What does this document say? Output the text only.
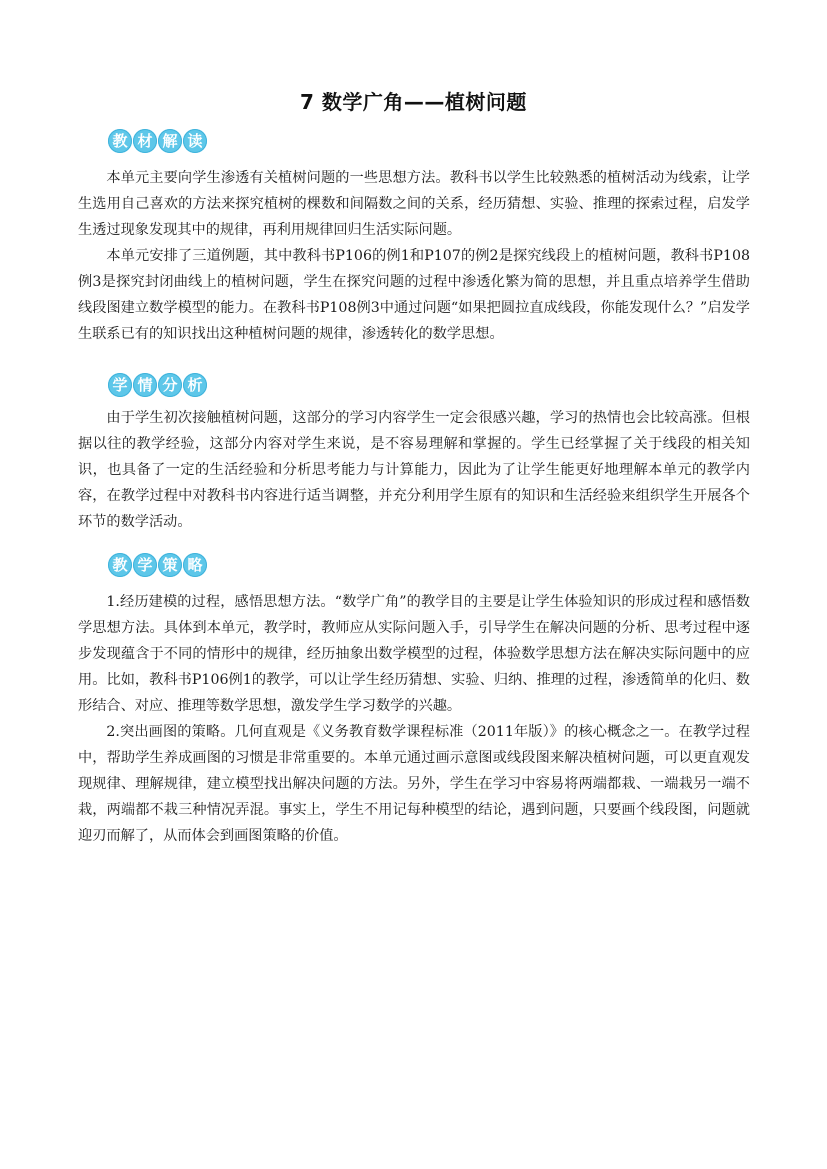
7 数学广角——植树问题
教 材 解 读

本单元主要向学生渗透有关植树问题的一些思想方法。教科书以学生比较熟悉的植树活动为线索，让学生选用自己喜欢的方法来探究植树的棵数和间隔数之间的关系，经历猜想、实验、推理的探索过程，启发学生透过现象发现其中的规律，再利用规律回归生活实际问题。

本单元安排了三道例题，其中教科书P106的例1和P107的例2是探究线段上的植树问题，教科书P108例3是探究封闭曲线上的植树问题，学生在探究问题的过程中渗透化繁为简的思想，并且重点培养学生借助线段图建立数学模型的能力。在教科书P108例3中通过问题“如果把圆拉直成线段，你能发现什么？”启发学生联系已有的知识找出这种植树问题的规律，渗透转化的数学思想。

学 情 分 析

由于学生初次接触植树问题，这部分的学习内容学生一定会很感兴趣，学习的热情也会比较高涨。但根据以往的教学经验，这部分内容对学生来说，是不容易理解和掌握的。学生已经掌握了关于线段的相关知识，也具备了一定的生活经验和分析思考能力与计算能力，因此为了让学生能更好地理解本单元的教学内容，在教学过程中对教科书内容进行适当调整，并充分利用学生原有的知识和生活经验来组织学生开展各个环节的数学活动。

教 学 策 略

1.经历建模的过程，感悟思想方法。“数学广角”的教学目的主要是让学生体验知识的形成过程和感悟数学思想方法。具体到本单元，教学时，教师应从实际问题入手，引导学生在解决问题的分析、思考过程中逐步发现蕴含于不同的情形中的规律，经历抽象出数学模型的过程，体验数学思想方法在解决实际问题中的应用。比如，教科书P106例1的教学，可以让学生经历猜想、实验、归纳、推理的过程，渗透简单的化归、数形结合、对应、推理等数学思想，激发学生学习数学的兴趣。

2.突出画图的策略。几何直观是《义务教育数学课程标准（2011年版）》的核心概念之一。在教学过程中，帮助学生养成画图的习惯是非常重要的。本单元通过画示意图或线段图来解决植树问题，可以更直观发现规律、理解规律，建立模型找出解决问题的方法。另外，学生在学习中容易将两端都栽、一端栽另一端不栽，两端都不栽三种情况弄混。事实上，学生不用记每种模型的结论，遇到问题，只要画个线段图，问题就迎刃而解了，从而体会到画图策略的价值。
